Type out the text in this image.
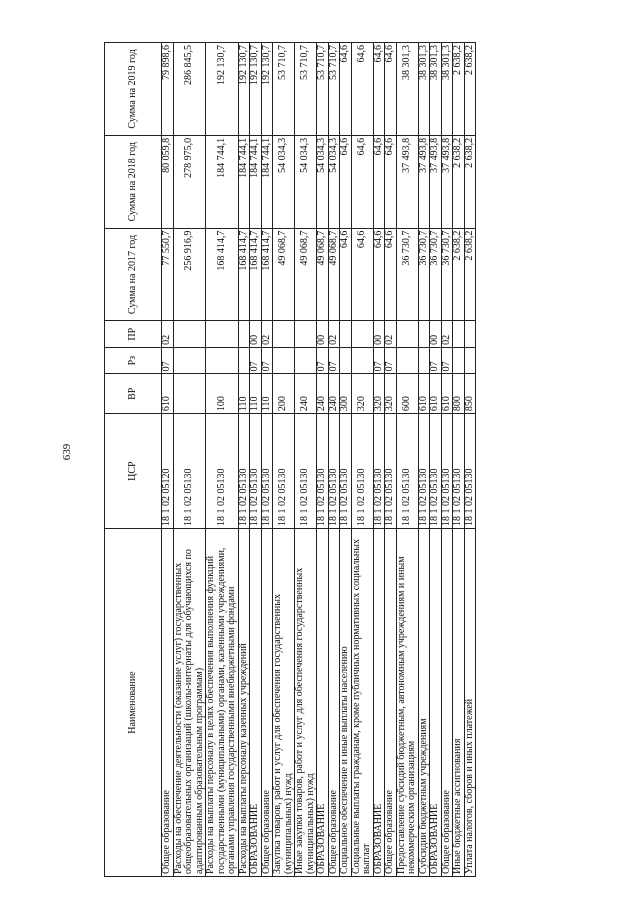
639
Наименование	ЦСР	ВР	Рз	ПР	Сумма на 2017 год	Сумма на 2018 год	Сумма на 2019 год
Общее образование	18 1 02 05120	610	07	02	77 550,7	80 059,8	79 898,6
Расходы на обеспечение деятельности (оказание услуг) государственных общеобразовательных организаций (школы-интернаты для обучающихся по адаптированным образовательным программам)	18 1 02 05130				256 916,9	278 975,0	286 845,5
Расходы на выплаты персоналу в целях обеспечения выполнения функций государственными (муниципальными) органами, казенными учреждениями, органами управления государственными внебюджетными фондами	18 1 02 05130	100			168 414,7	184 744,1	192 130,7
Расходы на выплаты персоналу казенных учреждений	18 1 02 05130	110			168 414,7	184 744,1	192 130,7
ОБРАЗОВАНИЕ	18 1 02 05130	110	07	00	168 414,7	184 744,1	192 130,7
Общее образование	18 1 02 05130	110	07	02	168 414,7	184 744,1	192 130,7
Закупка товаров, работ и услуг для обеспечения государственных (муниципальных) нужд	18 1 02 05130	200			49 068,7	54 034,3	53 710,7
Иные закупки товаров, работ и услуг для обеспечения государственных (муниципальных) нужд	18 1 02 05130	240			49 068,7	54 034,3	53 710,7
ОБРАЗОВАНИЕ	18 1 02 05130	240	07	00	49 068,7	54 034,3	53 710,7
Общее образование	18 1 02 05130	240	07	02	49 068,7	54 034,3	53 710,7
Социальное обеспечение и иные выплаты населению	18 1 02 05130	300			64,6	64,6	64,6
Социальные выплаты гражданам, кроме публичных нормативных социальных выплат	18 1 02 05130	320			64,6	64,6	64,6
ОБРАЗОВАНИЕ	18 1 02 05130	320	07	00	64,6	64,6	64,6
Общее образование	18 1 02 05130	320	07	02	64,6	64,6	64,6
Предоставление субсидий бюджетным, автономным учреждениям и иным некоммерческим организациям	18 1 02 05130	600			36 730,7	37 493,8	38 301,3
Субсидии бюджетным учреждениям	18 1 02 05130	610			36 730,7	37 493,8	38 301,3
ОБРАЗОВАНИЕ	18 1 02 05130	610	07	00	36 730,7	37 493,8	38 301,3
Общее образование	18 1 02 05130	610	07	02	36 730,7	37 493,8	38 301,3
Иные бюджетные ассигнования	18 1 02 05130	800			2 638,2	2 638,2	2 638,2
Уплата налогов, сборов и иных платежей	18 1 02 05130	850			2 638,2	2 638,2	2 638,2
